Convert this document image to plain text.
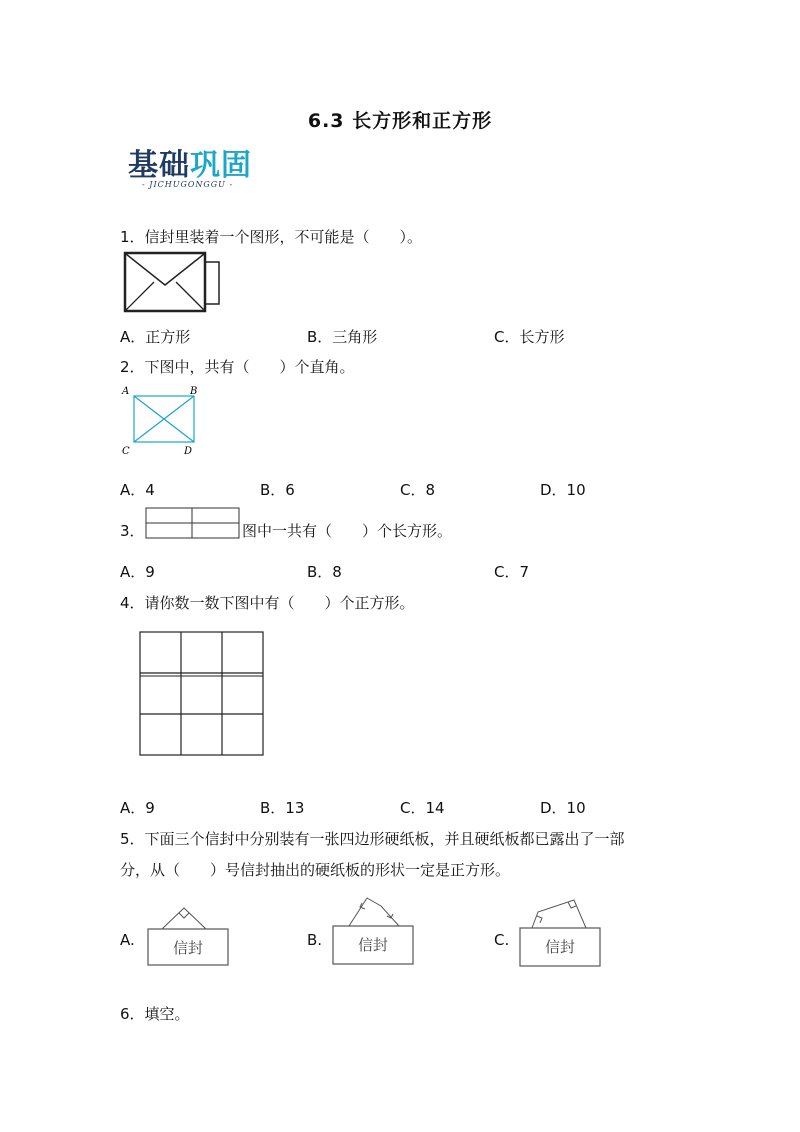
6.3 长方形和正方形
基础巩固
- JICHUGONGGU -
1．信封里装着一个图形，不可能是（　　）。
A．正方形	B．三角形	C．长方形
2．下图中，共有（　　）个直角。
A	B
C	D
A．4	B．6	C．8	D．10
3．	图中一共有（　　）个长方形。
A．9	B．8	C．7
4．请你数一数下图中有（　　）个正方形。
A．9	B．13	C．14	D．10
5．下面三个信封中分别装有一张四边形硬纸板，并且硬纸板都已露出了一部
分，从（　　）号信封抽出的硬纸板的形状一定是正方形。
A.	信封	B. 信封	C. 信封
6．填空。
